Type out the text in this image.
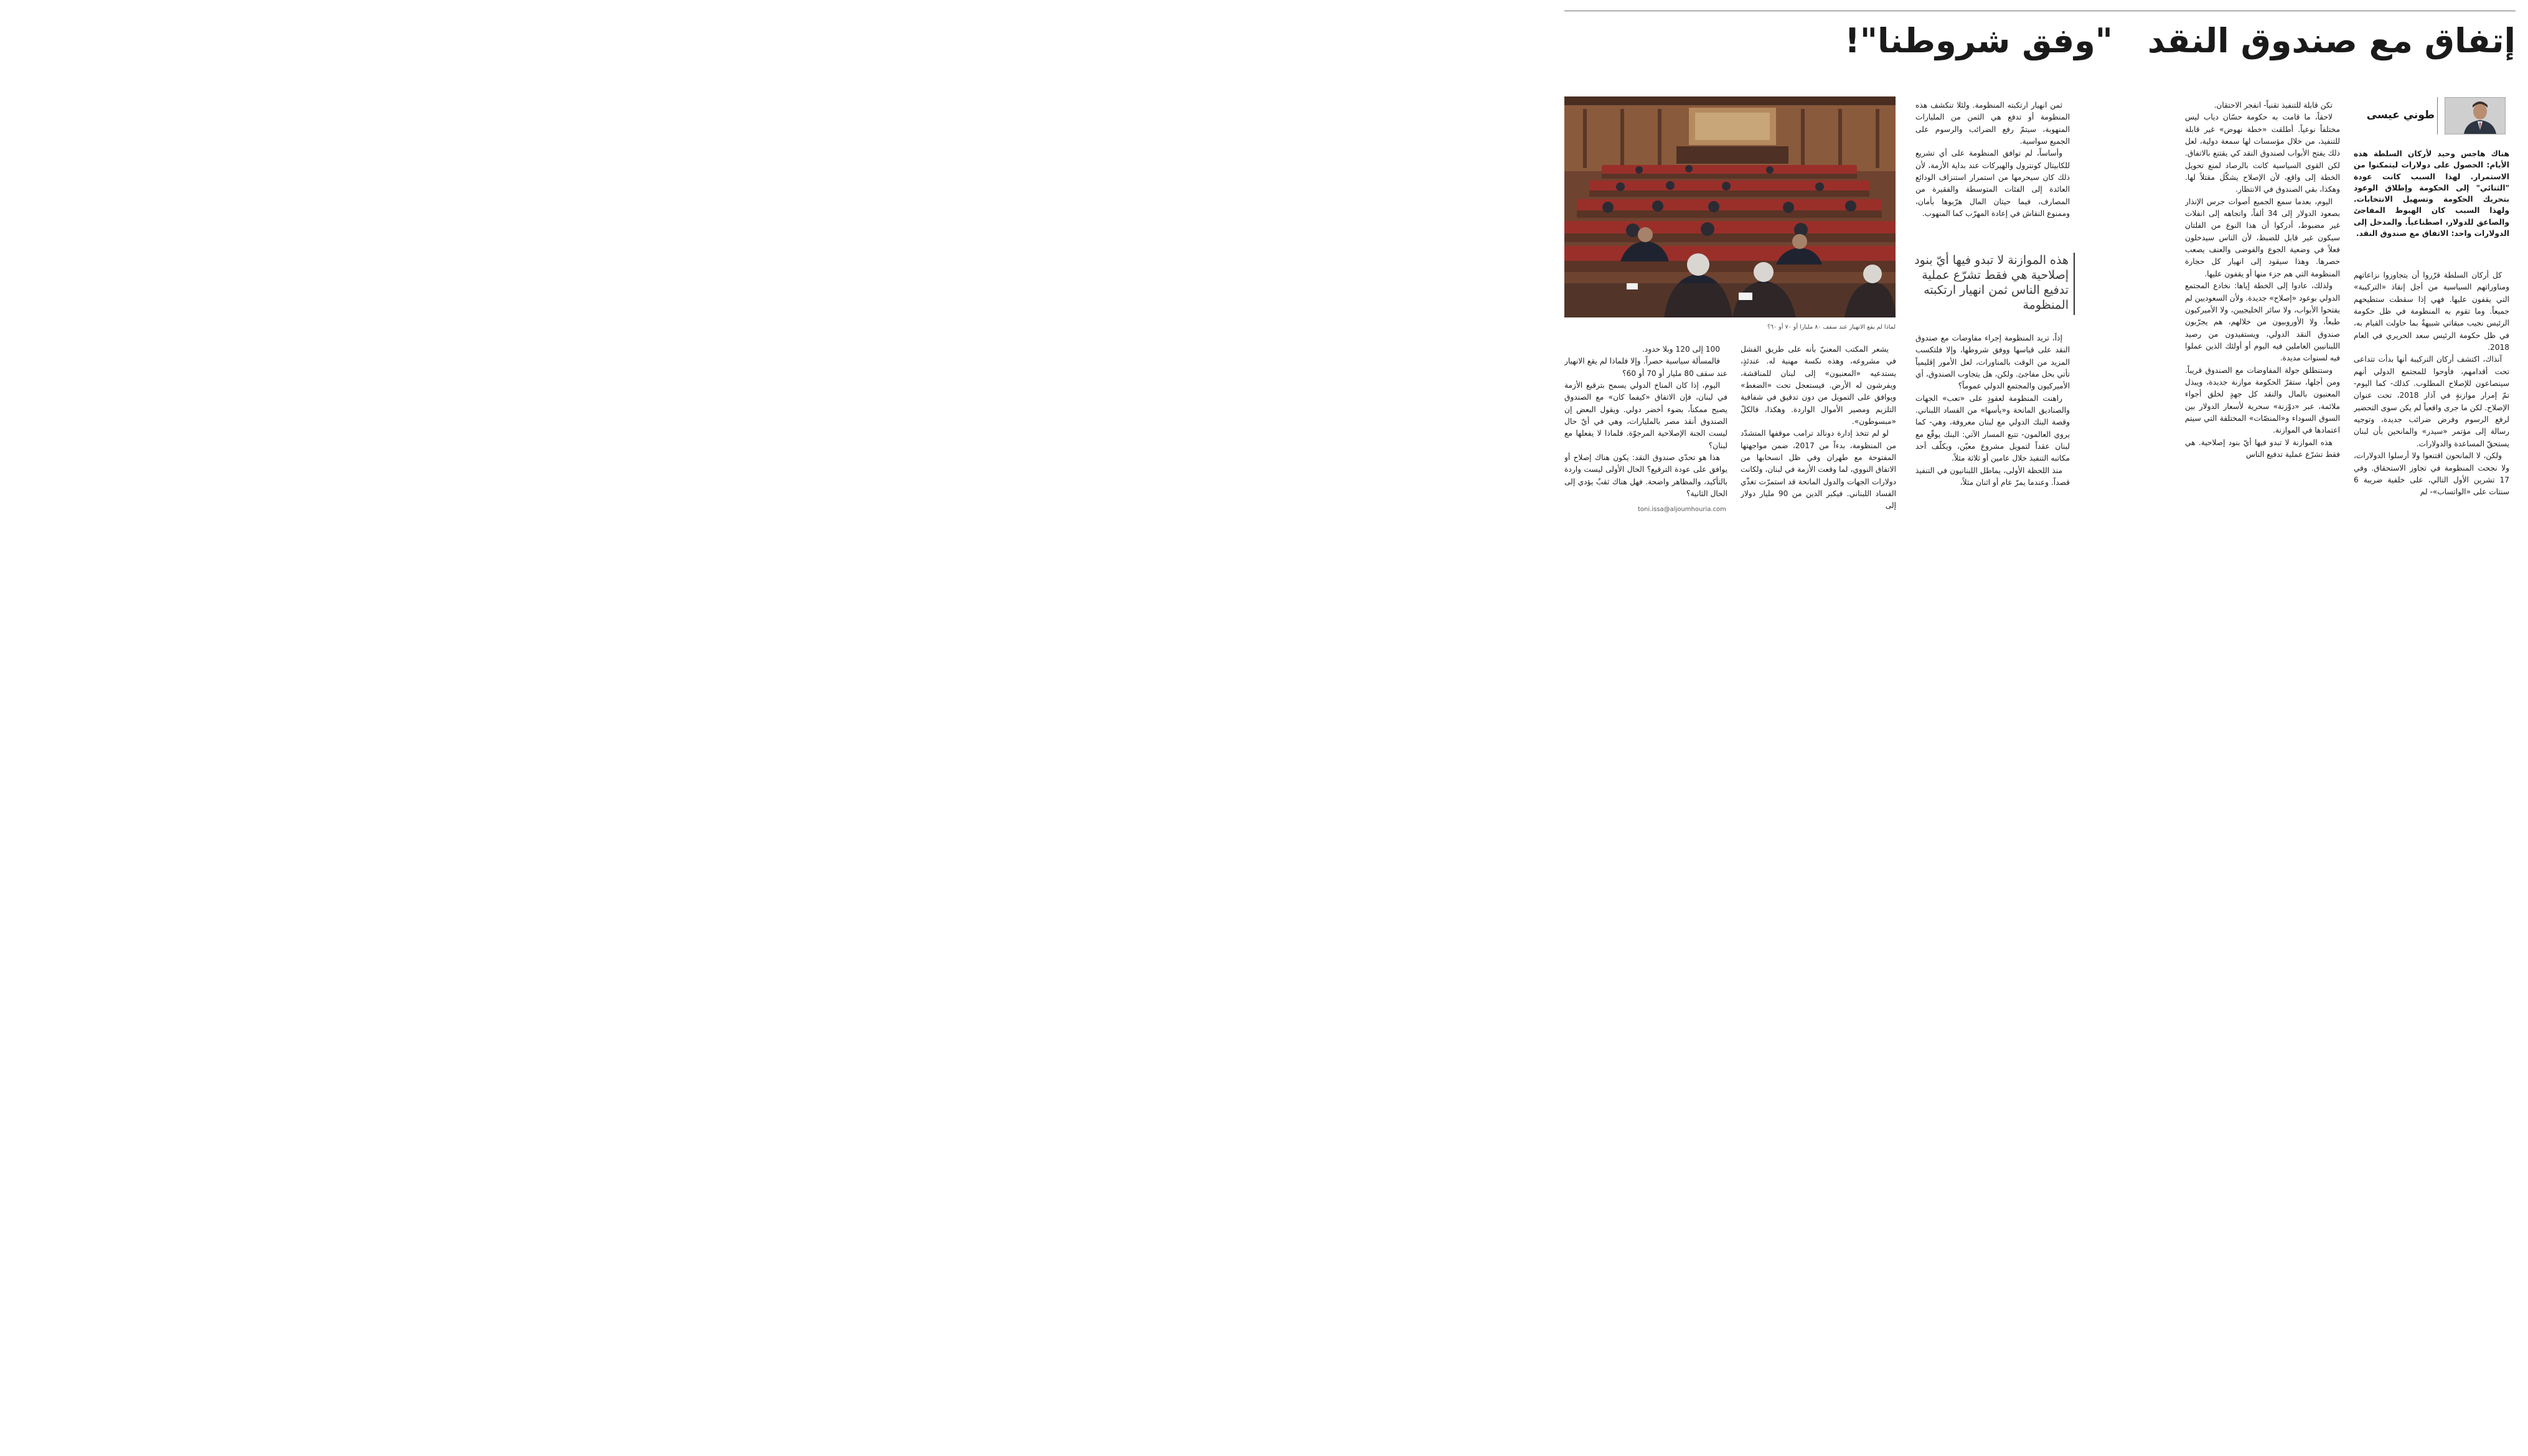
إتفاق مع صندوق النقد"وفق شروطنا"!
طوني عيسى

هناك هاجس وحيد لأركان السلطة هذه الأيام: الحصول على دولارات ليتمكنوا من الاستمرار. لهذا السبب كانت عودة "الثنائي" إلى الحكومة وإطلاق الوعود بتحريك الحكومة وتسهيل الانتخابات. ولهذا السبب كان الهبوط المفاجئ والصاعق للدولار، اصطناعياً. والمدخل إلى الدولارات واحد: الاتفاق مع صندوق النقد.

كل أركان السلطة قرّروا أن يتجاوزوا نزاعاتهم ومناوراتهم السياسية من أجل إنقاذ «التركيبة» التي يقفون عليها. فهي إذا سقطت ستطيحهم جميعاً. وما تقوم به المنظومة في ظل حكومة الرئيس نجيب ميقاتي شبيهةٌ بما حاولت القيام به، في ظل حكومة الرئيس سعد الحريري في العام 2018.

آنذاك، اكتشف أركان التركيبة أنها بدأت تتداعى تحت أقدامهم، فأوحوا للمجتمع الدولي أنهم سينصاعون للإصلاح المطلوب. كذلك- كما اليوم- تمّ إمرار موازنةٍ في آذار 2018، تحت عنوان الإصلاح. لكن ما جرى واقعياً لم يكن سوى التحضير لرفع الرسوم وفرض ضرائب جديدة، وتوجيه رسالة إلى مؤتمر «سيدر» والمانحين بأن لبنان يستحقّ المساعدة والدولارات.

ولكن، لا المانحون اقتنعوا ولا أرسلوا الدولارات، ولا نجحت المنظومة في تجاوز الاستحقاق. وفي 17 تشرين الأول التالي، على خلفية ضريبة 6 سنتات على «الواتساب»- لم

تكن قابلة للتنفيذ تقنياً- انفجر الاحتقان.

لاحقاً، ما قامت به حكومة حسّان دياب ليس مختلفاً نوعياً. أطلقت «خطة نهوض» غير قابلة للتنفيذ، من خلال مؤسسات لها سمعة دولية، لعل ذلك يفتح الأبواب لصندوق النقد كي يقتنع بالاتفاق. لكن القوى السياسية كانت بالرصاد لمنع تحويل الخطة إلى واقع، لأن الإصلاح يشكّل مقتلاً لها. وهكذا، بقي الصندوق في الانتظار.

اليوم، بعدما سمع الجميع أصوات جرس الإنذار بصعود الدولار إلى 34 ألفاً، واتجاهه إلى انفلات غير مضبوط، أدركوا أن هذا النوع من الفلتان سيكون غير قابل للضبط، لأن الناس سيدخلون فعلاً في وضعية الجوع والفوضى والعنف يصعب حصرها. وهذا سيقود إلى انهيار كل حجارة المنظومة التي هم جزء منها أو يقفون عليها.

ولذلك، عادوا إلى الخطة إياها: نخادع المجتمع الدولي بوعود «إصلاح» جديدة. ولأن السعوديين لم يفتحوا الأبواب، ولا سائر الخليجيين، ولا الأميركيون طبعاً، ولا الأوروبيون من خلالهم، هم يجرّبون صندوق النقد الدولي، ويستفيدون من رصيد اللبنانيين العاملين فيه اليوم أو أولئك الذين عملوا فيه لسنوات مديدة.

وستنطلق جولة المفاوضات مع الصندوق قريباً. ومن أجلها، ستقرّ الحكومة موازنة جديدة، ويبذل المعنيون بالمال والنقد كل جهدٍ لخلق أجواء ملائمة، عبر «دوْزنة» سحرية لأسعار الدولار بين السوق السوداء و«المنصّات» المختلفة التي سيتم اعتمادها في الموازنة.

هذه الموازنة لا تبدو فيها أيّ بنود إصلاحية. هي فقط تشرّع عملية تدفيع الناس

ثمن انهيار ارتكبته المنظومة. ولئلا تنكشف هذه المنظومة أو تدفع هي الثمن من المليارات المنهوبة، سيتمّ رفع الضرائب والرسوم على الجميع سواسية.

وأساساً، لم توافق المنظومة على أي تشريع للكابيتال كونترول والهيركات عند بداية الأزمة، لأن ذلك كان سيحرمها من استمرار استنزاف الودائع العائدة إلى الفئات المتوسطة والفقيرة من المصارف، فيما حيتان المال هرّبوها بأمان، وممنوع النقاش في إعادة المهرّب كما المنهوب.

هذه الموازنة لا تبدو فيها أيّ بنود إصلاحية هي فقط تشرّع عملية تدفيع الناس ثمن انهيار ارتكبته المنظومة

إذاً، تريد المنظومة إجراء مفاوضات مع صندوق النقد على قياسها ووفق شروطها، وإلا فلتكسب المزيد من الوقت بالمناورات، لعل الأمور إقليمياً تأتي بحل مفاجئ. ولكن، هل يتجاوب الصندوق، أي الأميركيون والمجتمع الدولي عموماً؟

راهنت المنظومة لعقودٍ على «تعب» الجهات والصناديق المانحة و«يأسها» من الفساد اللبناني. وقصة البنك الدولي مع لبنان معروفة، وهي- كما يروي العالمون- تتبع المسار الآتي: البنك يوقّع مع لبنان عقداً لتمويل مشروع معيّن، ويكلّف أحد مكاتبه التنفيذ خلال عامين أو ثلاثة مثلاً.

منذ اللحظة الأولى، يماطل اللبنانيون في التنفيذ قصداً. وعندما يمرّ عام أو اثنان مثلاً،

لماذا لم يقع الانهيار عند سقف ٨٠ مليارا أو ٧٠ أو ٦٠؟

يشعر المكتب المعنيّ بأنه على طريق الفشل في مشروعه، وهذه نكسة مهنية له. عندئذٍ، يستدعيه «المعنيون» إلى لبنان للمناقشة، ويفرشون له الأرض. فيستعجل تحت «الضغط» ويوافق على التمويل من دون تدقيق في شفافية التلزيم ومصير الأموال الواردة. وهكذا، فالكلّ «مبسوطون».

لو لم تتخذ إدارة دونالد ترامب موقفها المتشدّد من المنظومة، بدءاً من 2017، ضمن مواجهتها المفتوحة مع طهران وفي ظل انسحابها من الاتفاق النووي، لما وقعت الأزمة في لبنان، ولكانت دولارات الجهات والدول المانحة قد استمرّت تغذّي الفساد اللبناني. فيكبر الدين من 90 مليار دولار إلى

100 إلى 120 وبلا حدود.

فالمسألة سياسية حصراً. وإلا فلماذا لم يقع الانهيار عند سقف 80 مليار أو 70 أو 60؟

اليوم، إذا كان المناخ الدولي يسمح بترقيع الأزمة في لبنان، فإن الاتفاق «كيفما كان» مع الصندوق يصبح ممكناً، بضوء أخضر دولي. ويقول البعض إن الصندوق أنقذ مصر بالمليارات، وهي في أيّ حال ليست الجنة الإصلاحية المرجوّة. فلماذا لا يفعلها مع لبنان؟

هذا هو تحدّي صندوق النقد: يكون هناك إصلاح أو يوافق على عودة الترقيع؟ الحال الأولى ليست واردة بالتأكيد، والمظاهر واضحة. فهل هناك ثقبٌ يؤدي إلى الحال الثانية؟

toni.issa@aljoumhouria.com
